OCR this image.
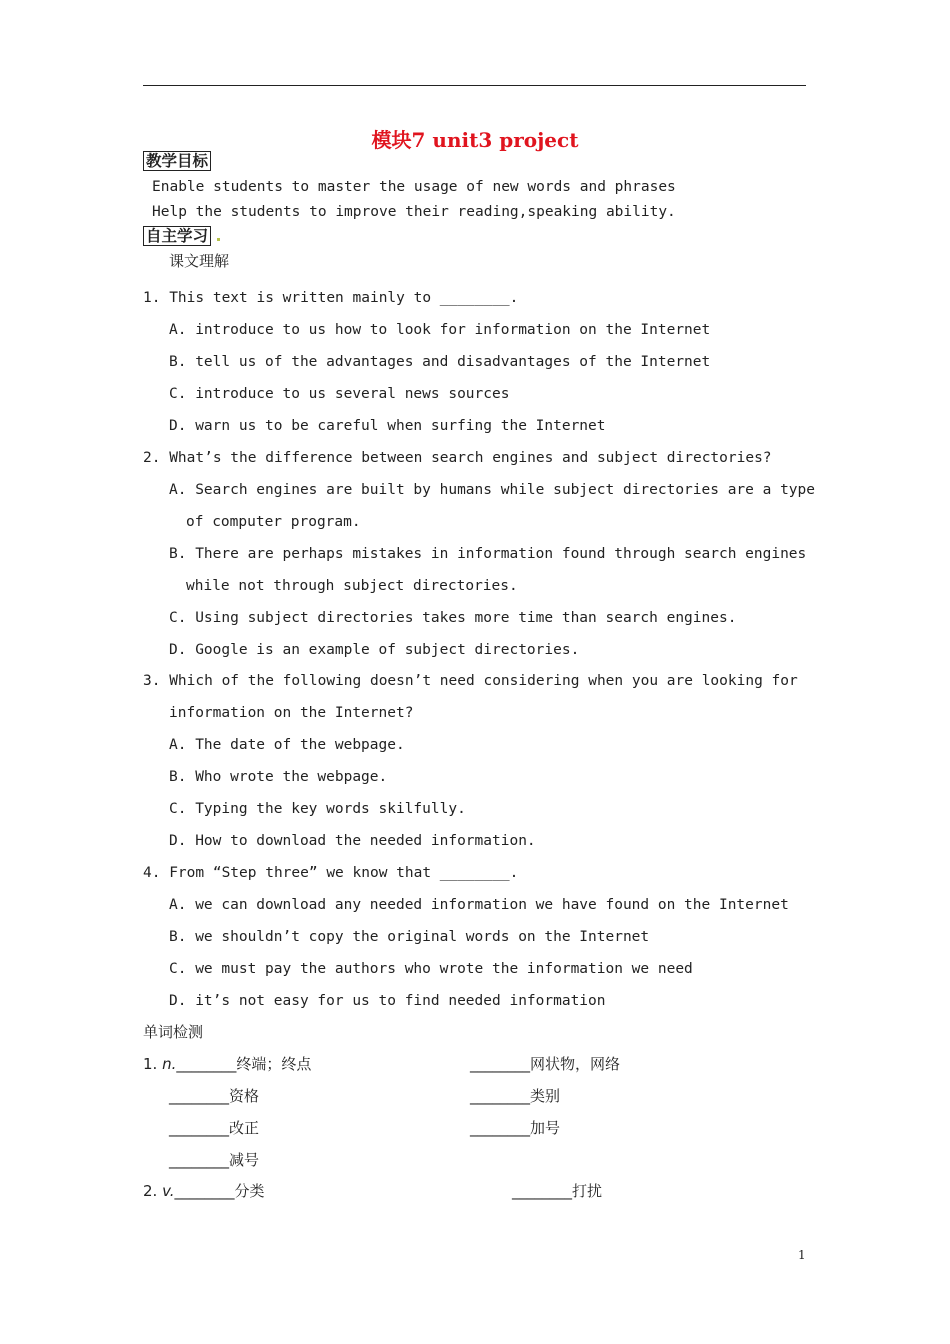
模块7 unit3 project
教学目标
Enable students to master the usage of new words and phrases
Help the students to improve their reading,speaking ability.
自主学习
课文理解
1. This text is written mainly to ________.
A. introduce to us how to look for information on the Internet
B. tell us of the advantages and disadvantages of the Internet
C. introduce to us several news sources
D. warn us to be careful when surfing the Internet
2. What’s the difference between search engines and subject directories?
A. Search engines are built by humans while subject directories are a type
of computer program.
B. There are perhaps mistakes in information found through search engines
while not through subject directories.
C. Using subject directories takes more time than search engines.
D. Google is an example of subject directories.
3. Which of the following doesn’t need considering when you are looking for
information on the Internet?
A. The date of the webpage.
B. Who wrote the webpage.
C. Typing the key words skilfully.
D. How to download the needed information.
4. From “Step three” we know that ________.
A. we can download any needed information we have found on the Internet
B. we shouldn’t copy the original words on the Internet
C. we must pay the authors who wrote the information we need
D. it’s not easy for us to find needed information
单词检测
1. n.________终端；终点	________网状物，网络
________资格	________类别
________改正	________加号
________减号
2. v.________分类	________打扰
1
